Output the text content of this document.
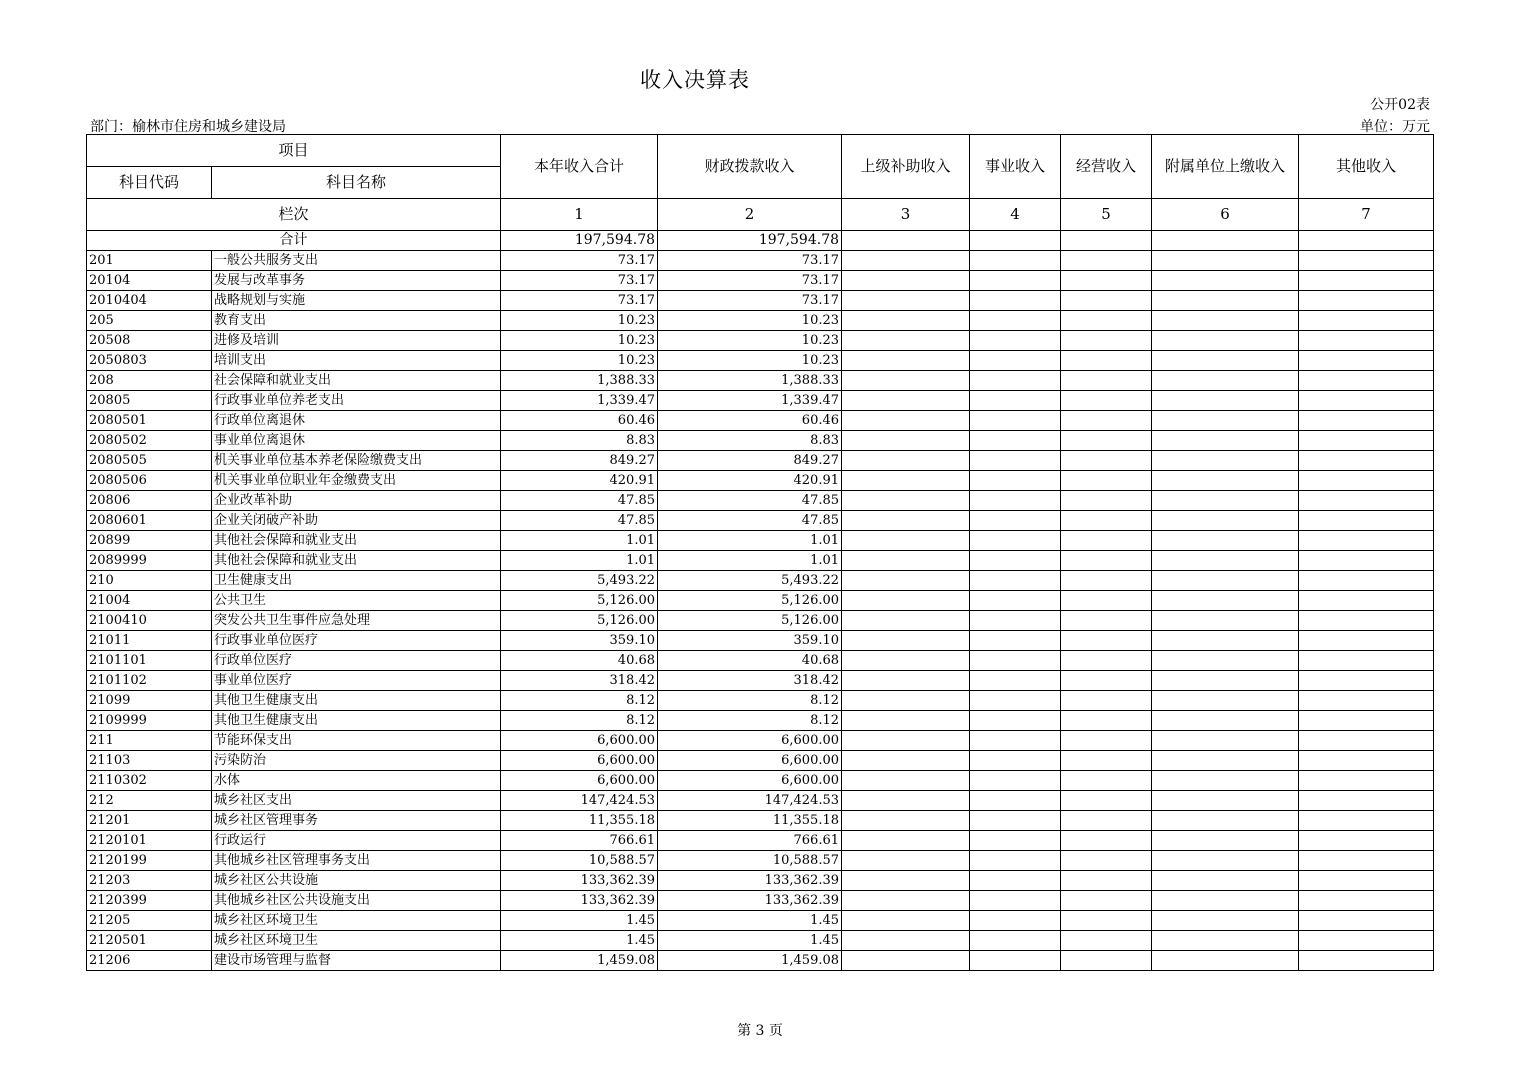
收入决算表
公开02表
部门：榆林市住房和城乡建设局	单位：万元
项目		本年收入合计	财政拨款收入	上级补助收入	事业收入	经营收入	附属单位上缴收入	其他收入
科目代码	科目名称							
栏次		1	2	3	4	5	6	7
合计		197,594.78	197,594.78					
201	一般公共服务支出	73.17	73.17					
20104	发展与改革事务	73.17	73.17					
2010404	战略规划与实施	73.17	73.17					
205	教育支出	10.23	10.23					
20508	进修及培训	10.23	10.23					
2050803	培训支出	10.23	10.23					
208	社会保障和就业支出	1,388.33	1,388.33					
20805	行政事业单位养老支出	1,339.47	1,339.47					
2080501	行政单位离退休	60.46	60.46					
2080502	事业单位离退休	8.83	8.83					
2080505	机关事业单位基本养老保险缴费支出	849.27	849.27					
2080506	机关事业单位职业年金缴费支出	420.91	420.91					
20806	企业改革补助	47.85	47.85					
2080601	企业关闭破产补助	47.85	47.85					
20899	其他社会保障和就业支出	1.01	1.01					
2089999	其他社会保障和就业支出	1.01	1.01					
210	卫生健康支出	5,493.22	5,493.22					
21004	公共卫生	5,126.00	5,126.00					
2100410	突发公共卫生事件应急处理	5,126.00	5,126.00					
21011	行政事业单位医疗	359.10	359.10					
2101101	行政单位医疗	40.68	40.68					
2101102	事业单位医疗	318.42	318.42					
21099	其他卫生健康支出	8.12	8.12					
2109999	其他卫生健康支出	8.12	8.12					
211	节能环保支出	6,600.00	6,600.00					
21103	污染防治	6,600.00	6,600.00					
2110302	水体	6,600.00	6,600.00					
212	城乡社区支出	147,424.53	147,424.53					
21201	城乡社区管理事务	11,355.18	11,355.18					
2120101	行政运行	766.61	766.61					
2120199	其他城乡社区管理事务支出	10,588.57	10,588.57					
21203	城乡社区公共设施	133,362.39	133,362.39					
2120399	其他城乡社区公共设施支出	133,362.39	133,362.39					
21205	城乡社区环境卫生	1.45	1.45					
2120501	城乡社区环境卫生	1.45	1.45					
21206	建设市场管理与监督	1,459.08	1,459.08					
第 3 页
